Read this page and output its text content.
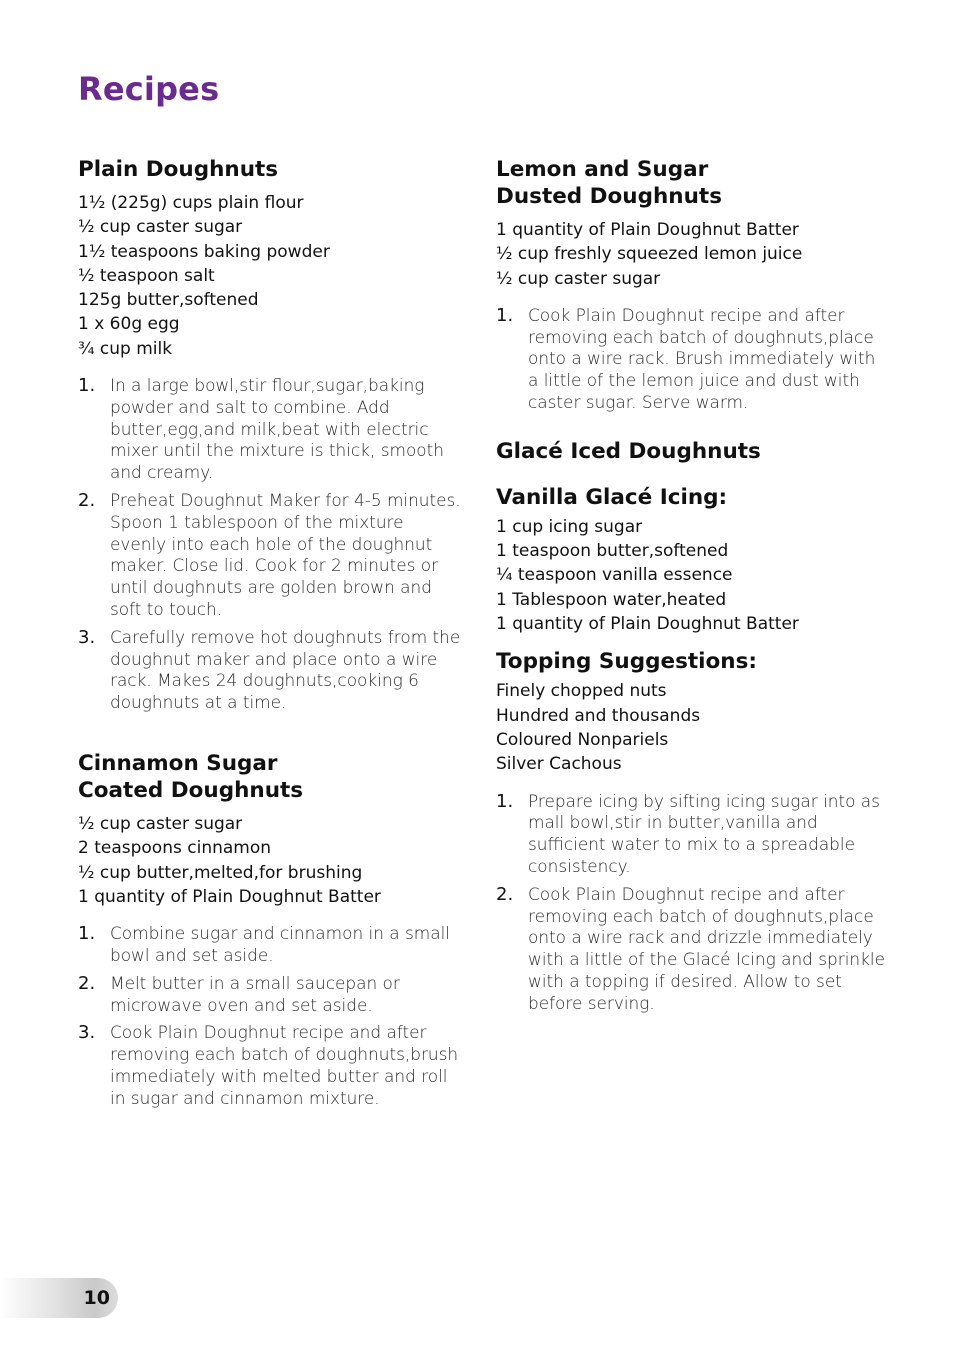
Recipes
Plain Doughnuts
1½ (225g) cups plain flour
½ cup caster sugar
1½ teaspoons baking powder
½ teaspoon salt
125g butter,softened
1 x 60g egg
¾ cup milk
1. In a large bowl,stir flour,sugar,baking powder and salt to combine. Add butter,egg,and milk,beat with electric mixer until the mixture is thick, smooth and creamy.
2. Preheat Doughnut Maker for 4-5 minutes. Spoon 1 tablespoon of the mixture evenly into each hole of the doughnut maker. Close lid. Cook for 2 minutes or until doughnuts are golden brown and soft to touch.
3. Carefully remove hot doughnuts from the doughnut maker and place onto a wire rack. Makes 24 doughnuts,cooking 6 doughnuts at a time.
Cinnamon Sugar
Coated Doughnuts
½ cup caster sugar
2 teaspoons cinnamon
½ cup butter,melted,for brushing
1 quantity of Plain Doughnut Batter
1. Combine sugar and cinnamon in a small bowl and set aside.
2. Melt butter in a small saucepan or microwave oven and set aside.
3. Cook Plain Doughnut recipe and after removing each batch of doughnuts,brush immediately with melted butter and roll in sugar and cinnamon mixture.
Lemon and Sugar
Dusted Doughnuts
1 quantity of Plain Doughnut Batter
½ cup freshly squeezed lemon juice
½ cup caster sugar
1. Cook Plain Doughnut recipe and after removing each batch of doughnuts,place onto a wire rack. Brush immediately with a little of the lemon juice and dust with caster sugar. Serve warm.
Glacé Iced Doughnuts
Vanilla Glacé Icing:
1 cup icing sugar
1 teaspoon butter,softened
¼ teaspoon vanilla essence
1 Tablespoon water,heated
1 quantity of Plain Doughnut Batter
Topping Suggestions:
Finely chopped nuts
Hundred and thousands
Coloured Nonpariels
Silver Cachous
1. Prepare icing by sifting icing sugar into as mall bowl,stir in butter,vanilla and sufficient water to mix to a spreadable consistency.
2. Cook Plain Doughnut recipe and after removing each batch of doughnuts,place onto a wire rack and drizzle immediately with a little of the Glacé Icing and sprinkle with a topping if desired. Allow to set before serving.
10
